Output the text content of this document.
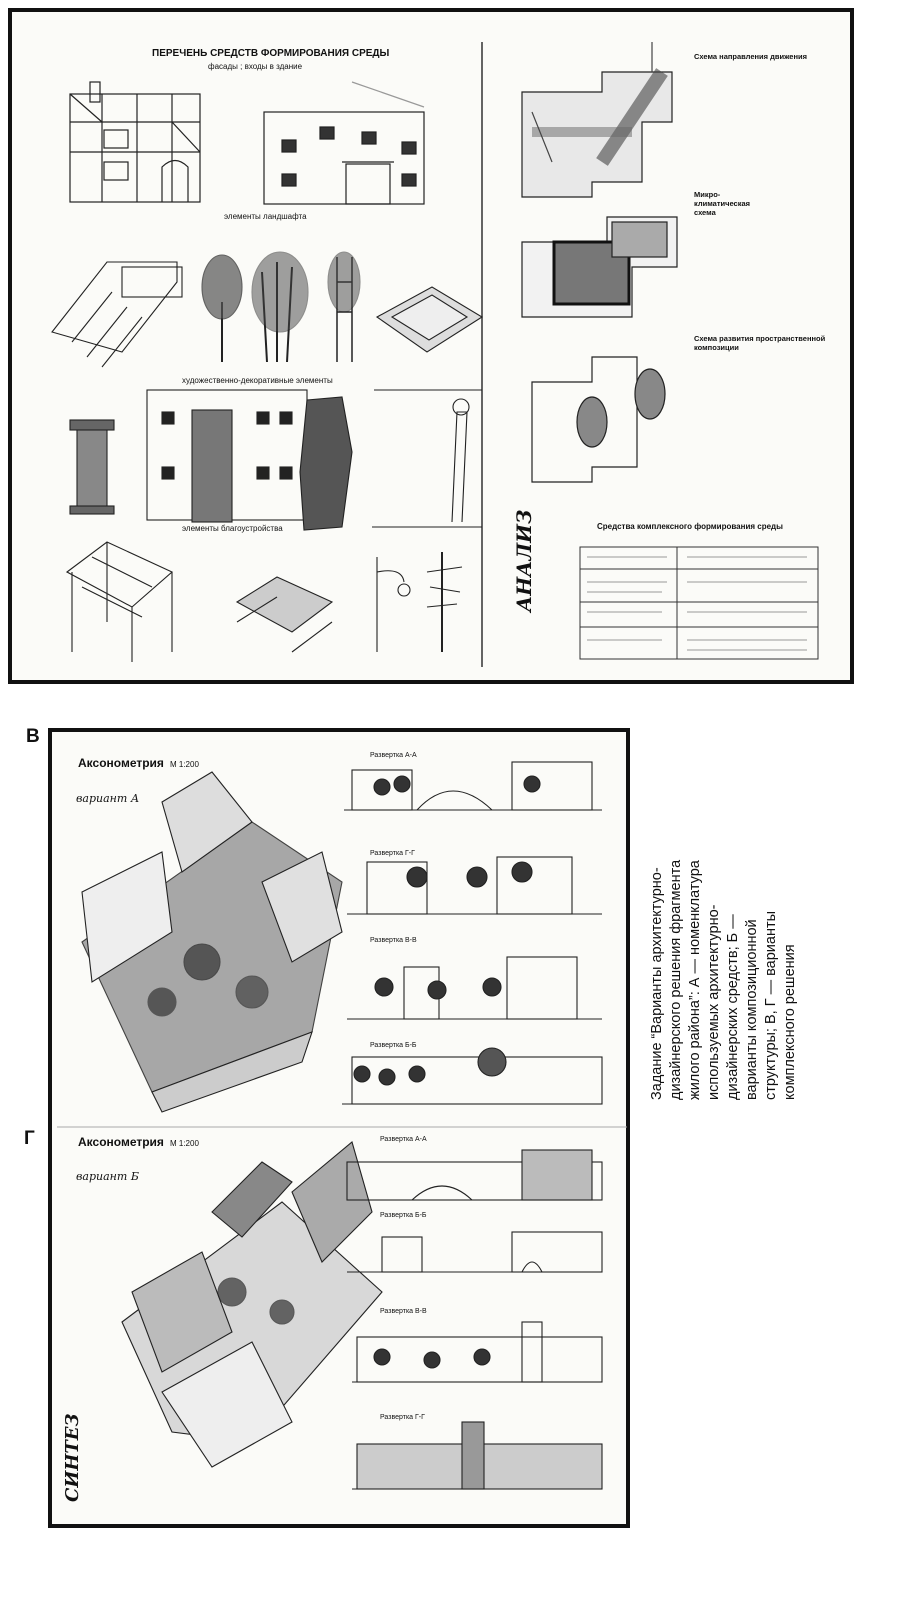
В
Г
ПЕРЕЧЕНЬ СРЕДСТВ ФОРМИРОВАНИЯ СРЕДЫ
фасады ; входы в здание
элементы ландшафта
художественно-декоративные элементы
элементы благоустройства
Схема направления движения
Микро-климатическая схема
Схема развития пространственной композиции
Средства комплексного формирования среды
АНАЛИЗ
Аксонометрия М 1:200
вариант А
Развертка А-А
Развертка Г-Г
Развертка В-В
Развертка Б-Б
Аксонометрия М 1:200
вариант Б
Развертка А-А
Развертка Б-Б
Развертка В-В
Развертка Г-Г
СИНТЕЗ
Задание “Варианты архитектурно-дизайнерского решения фрагмента жилого района”: А — номенклатура используемых архитектурно-дизайнерских средств; Б — варианты композиционной структуры; В, Г — варианты комплексного решения
